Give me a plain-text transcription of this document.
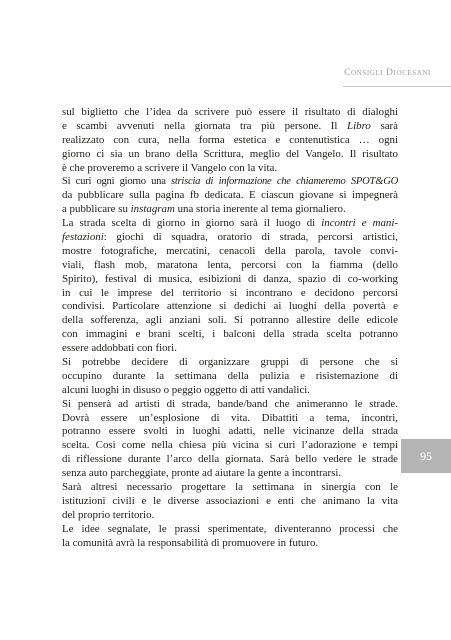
Consigli Diocesani
sul biglietto che l’idea da scrivere può essere il risultato di dialoghi
e scambi avvenuti nella giornata tra più persone. Il Libro sarà
realizzato con cura, nella forma estetica e contenutistica … ogni
giorno ci sia un brano della Scrittura, meglio del Vangelo. Il risultato
è che proveremo a scrivere il Vangelo con la vita.
Si curi ogni giorno una striscia di informazione che chiameremo SPOT&GO
da pubblicare sulla pagina fb dedicata. E ciascun giovane si impegnerà
a pubblicare su instagram una storia inerente al tema giornaliero.
La strada scelta di giorno in giorno sarà il luogo di incontri e mani-
festazioni: giochi di squadra, oratorio di strada, percorsi artistici,
mostre fotografiche, mercatini, cenacoli della parola, tavole convi-
viali, flash mob, maratona lenta, percorsi con la fiamma (dello
Spirito), festival di musica, esibizioni di danza, spazio di co-working
in cui le imprese del territorio si incontrano e decidono percorsi
condivisi. Particolare attenzione si dedichi ai luoghi della povertà e
della sofferenza, agli anziani soli. Si potranno allestire delle edicole
con immagini e brani scelti, i balconi della strada scelta potranno
essere addobbati con fiori.
Si potrebbe decidere di organizzare gruppi di persone che si
occupino durante la settimana della pulizia e risistemazione di
alcuni luoghi in disuso o peggio oggetto di atti vandalici.
Si penserà ad artisti di strada, bande/band che animeranno le strade.
Dovrà essere un’esplosione di vita. Dibattiti a tema, incontri,
potranno essere svolti in luoghi adatti, nelle vicinanze della strada
scelta. Così come nella chiesa più vicina si curi l’adorazione e tempi
di riflessione durante l’arco della giornata. Sarà bello vedere le strade
senza auto parcheggiate, pronte ad aiutare la gente a incontrarsi.
Sarà altresì necessario progettare la settimana in sinergia con le
istituzioni civili e le diverse associazioni e enti che animano la vita
del proprio territorio.
Le idee segnalate, le prassi sperimentate, diventeranno processi che
la comunità avrà la responsabilità di promuovere in futuro.
95
